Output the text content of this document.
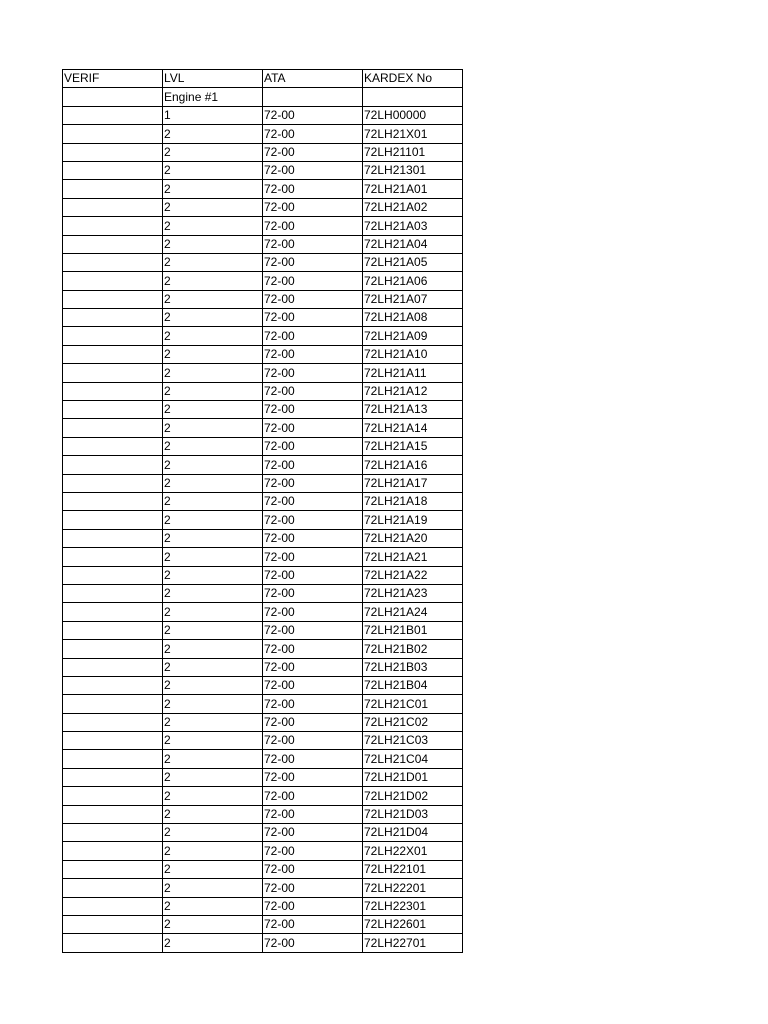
VERIF	LVL	ATA	KARDEX No
	Engine #1		
	1	72-00	72LH00000
	2	72-00	72LH21X01
	2	72-00	72LH21101
	2	72-00	72LH21301
	2	72-00	72LH21A01
	2	72-00	72LH21A02
	2	72-00	72LH21A03
	2	72-00	72LH21A04
	2	72-00	72LH21A05
	2	72-00	72LH21A06
	2	72-00	72LH21A07
	2	72-00	72LH21A08
	2	72-00	72LH21A09
	2	72-00	72LH21A10
	2	72-00	72LH21A11
	2	72-00	72LH21A12
	2	72-00	72LH21A13
	2	72-00	72LH21A14
	2	72-00	72LH21A15
	2	72-00	72LH21A16
	2	72-00	72LH21A17
	2	72-00	72LH21A18
	2	72-00	72LH21A19
	2	72-00	72LH21A20
	2	72-00	72LH21A21
	2	72-00	72LH21A22
	2	72-00	72LH21A23
	2	72-00	72LH21A24
	2	72-00	72LH21B01
	2	72-00	72LH21B02
	2	72-00	72LH21B03
	2	72-00	72LH21B04
	2	72-00	72LH21C01
	2	72-00	72LH21C02
	2	72-00	72LH21C03
	2	72-00	72LH21C04
	2	72-00	72LH21D01
	2	72-00	72LH21D02
	2	72-00	72LH21D03
	2	72-00	72LH21D04
	2	72-00	72LH22X01
	2	72-00	72LH22101
	2	72-00	72LH22201
	2	72-00	72LH22301
	2	72-00	72LH22601
	2	72-00	72LH22701
